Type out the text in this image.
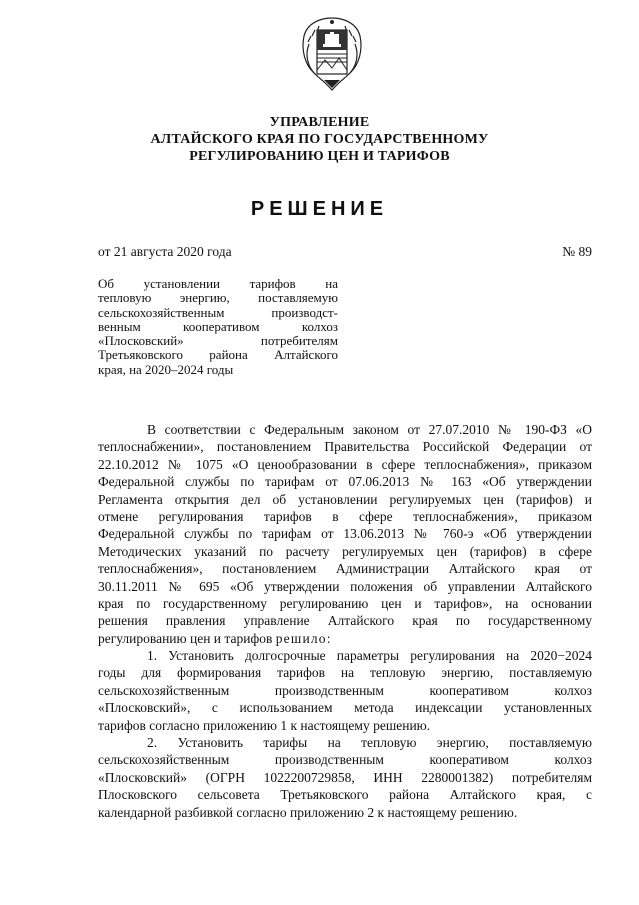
УПРАВЛЕНИЕ
АЛТАЙСКОГО КРАЯ ПО ГОСУДАРСТВЕННОМУ
РЕГУЛИРОВАНИЮ ЦЕН И ТАРИФОВ
РЕШЕНИЕ
от 21 августа 2020 года	№ 89
Об установлении тарифов на
тепловую энергию, поставляемую
сельскохозяйственным производст-
венным кооперативом колхоз
«Плосковский» потребителям
Третьяковского района Алтайского
края, на 2020–2024 годы
В соответствии с Федеральным законом от 27.07.2010 № 190-ФЗ «О
теплоснабжении», постановлением Правительства Российской Федерации от
22.10.2012 № 1075 «О ценообразовании в сфере теплоснабжения», приказом
Федеральной службы по тарифам от 07.06.2013 № 163 «Об утверждении
Регламента открытия дел об установлении регулируемых цен (тарифов) и
отмене регулирования тарифов в сфере теплоснабжения», приказом
Федеральной службы по тарифам от 13.06.2013 № 760-э «Об утверждении
Методических указаний по расчету регулируемых цен (тарифов) в сфере
теплоснабжения», постановлением Администрации Алтайского края от
30.11.2011 № 695 «Об утверждении положения об управлении Алтайского
края по государственному регулированию цен и тарифов», на основании
решения правления управление Алтайского края по государственному
регулированию цен и тарифов решило:
1. Установить долгосрочные параметры регулирования на 2020−2024
годы для формирования тарифов на тепловую энергию, поставляемую
сельскохозяйственным производственным кооперативом колхоз
«Плосковский», с использованием метода индексации установленных
тарифов согласно приложению 1 к настоящему решению.
2. Установить тарифы на тепловую энергию, поставляемую
сельскохозяйственным производственным кооперативом колхоз
«Плосковский» (ОГРН 1022200729858, ИНН 2280001382) потребителям
Плосковского сельсовета Третьяковского района Алтайского края, с
календарной разбивкой согласно приложению 2 к настоящему решению.
